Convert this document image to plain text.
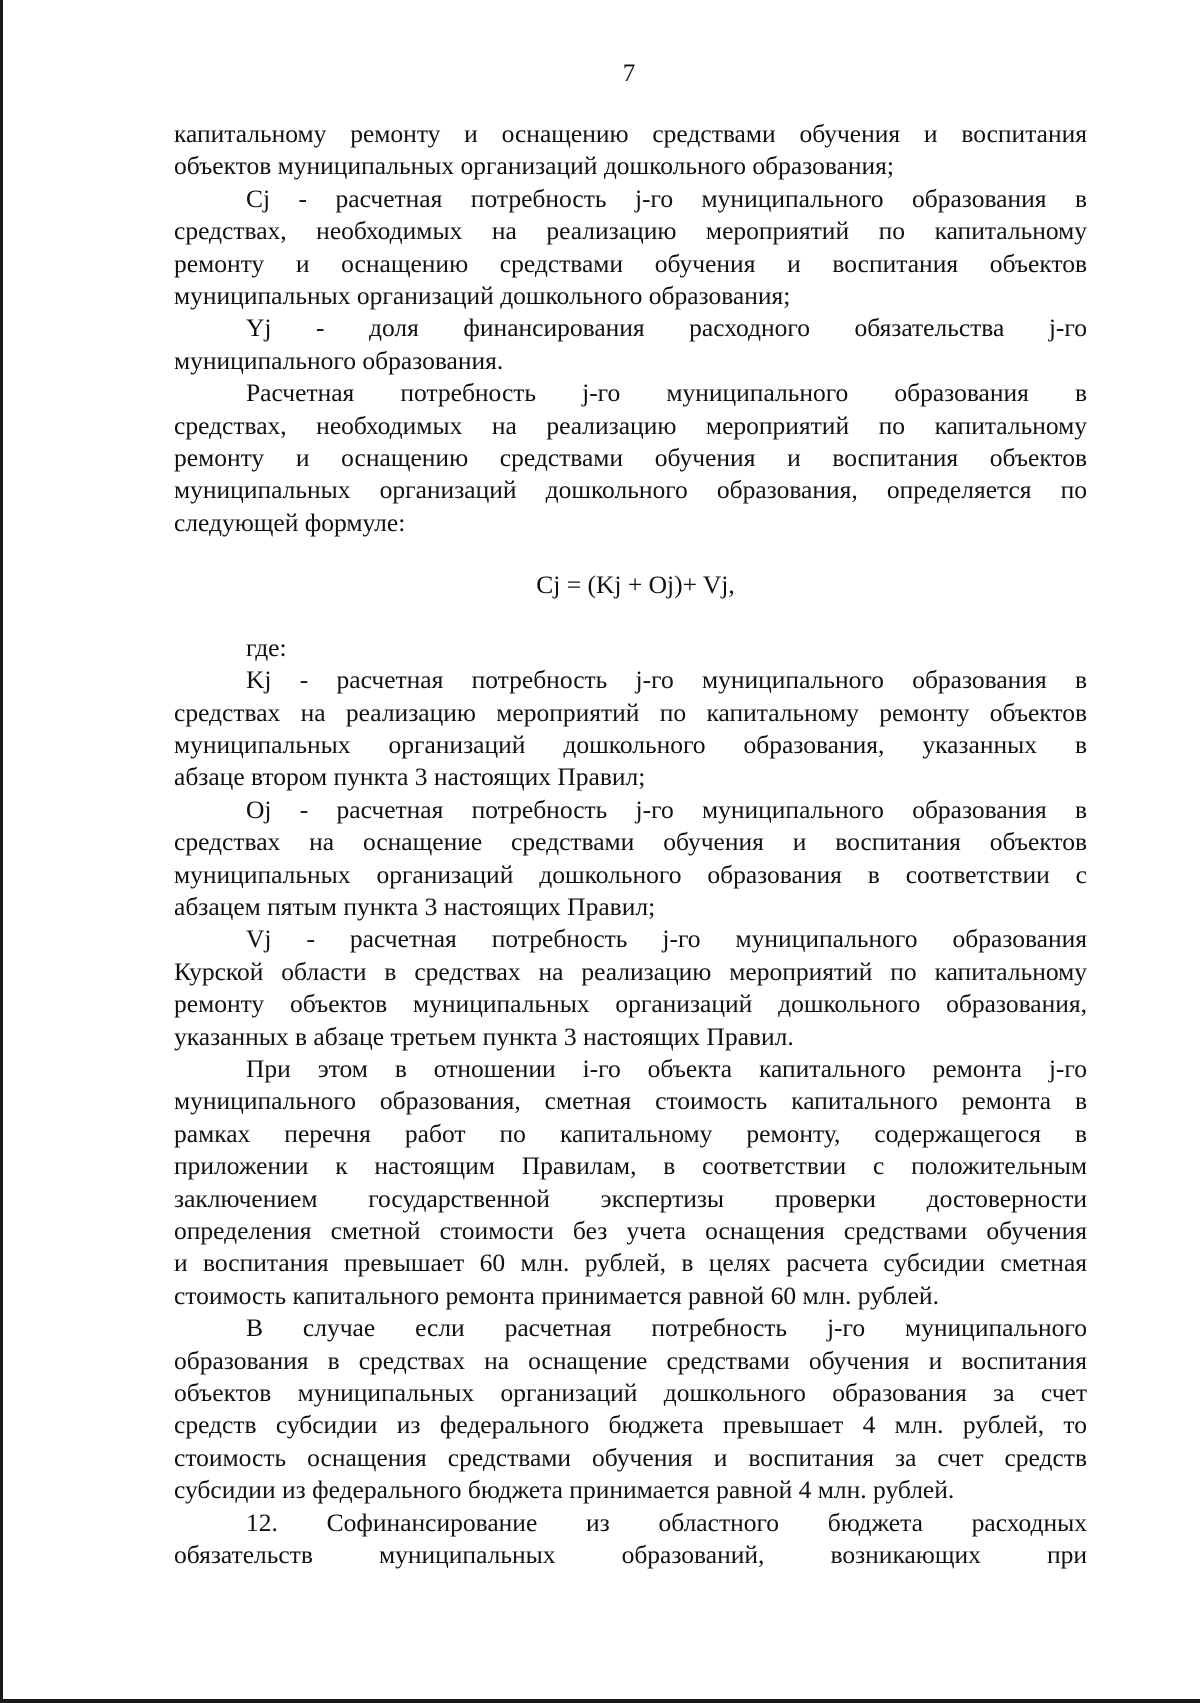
7
капитальному ремонту и оснащению средствами обучения и воспитания
объектов муниципальных организаций дошкольного образования;
Cj - расчетная потребность j-го муниципального образования в
средствах, необходимых на реализацию мероприятий по капитальному
ремонту и оснащению средствами обучения и воспитания объектов
муниципальных организаций дошкольного образования;
Yj - доля финансирования расходного обязательства j-го
муниципального образования.
Расчетная потребность j-го муниципального образования в
средствах, необходимых на реализацию мероприятий по капитальному
ремонту и оснащению средствами обучения и воспитания объектов
муниципальных организаций дошкольного образования, определяется по
следующей формуле:
Cj = (Kj + Oj)+ Vj,
где:
Kj - расчетная потребность j-го муниципального образования в
средствах на реализацию мероприятий по капитальному ремонту объектов
муниципальных организаций дошкольного образования, указанных в
абзаце втором пункта 3 настоящих Правил;
Oj - расчетная потребность j-го муниципального образования в
средствах на оснащение средствами обучения и воспитания объектов
муниципальных организаций дошкольного образования в соответствии с
абзацем пятым пункта 3 настоящих Правил;
Vj - расчетная потребность j-го муниципального образования
Курской области в средствах на реализацию мероприятий по капитальному
ремонту объектов муниципальных организаций дошкольного образования,
указанных в абзаце третьем пункта 3 настоящих Правил.
При этом в отношении i-го объекта капитального ремонта j-го
муниципального образования, сметная стоимость капитального ремонта в
рамках перечня работ по капитальному ремонту, содержащегося в
приложении к настоящим Правилам, в соответствии с положительным
заключением государственной экспертизы проверки достоверности
определения сметной стоимости без учета оснащения средствами обучения
и воспитания превышает 60 млн. рублей, в целях расчета субсидии сметная
стоимость капитального ремонта принимается равной 60 млн. рублей.
В случае если расчетная потребность j-го муниципального
образования в средствах на оснащение средствами обучения и воспитания
объектов муниципальных организаций дошкольного образования за счет
средств субсидии из федерального бюджета превышает 4 млн. рублей, то
стоимость оснащения средствами обучения и воспитания за счет средств
субсидии из федерального бюджета принимается равной 4 млн. рублей.
12. Софинансирование из областного бюджета расходных
обязательств муниципальных образований, возникающих при
